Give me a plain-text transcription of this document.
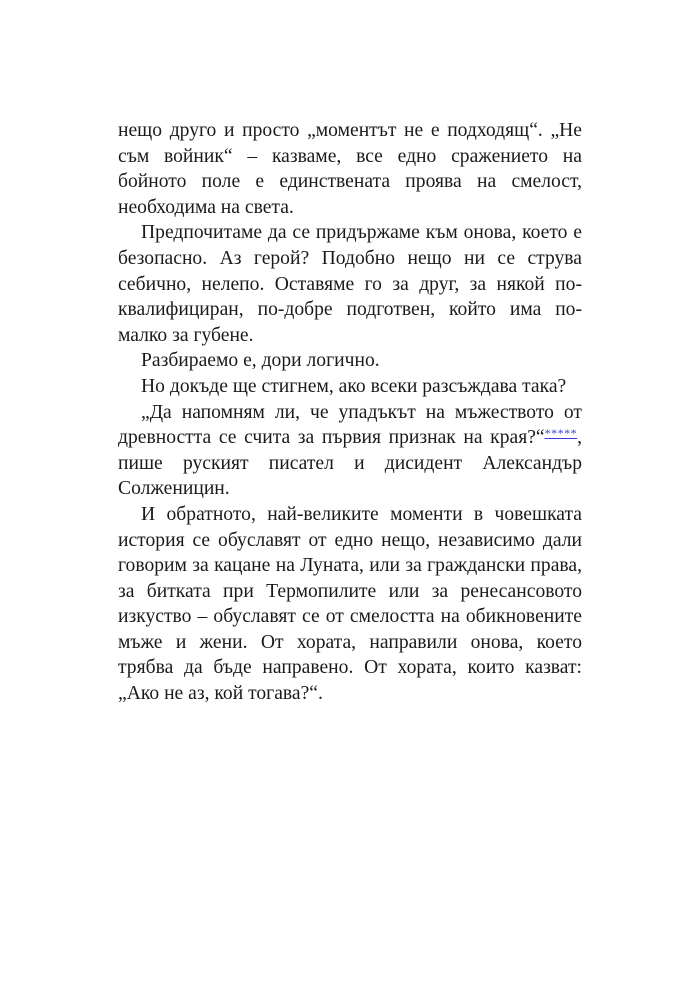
нещо друго и просто „моментът не е подходящ“. „Не съм войник“ – казваме, все едно сражението на бойното поле е единствената проява на смелост, необходима на света.

Предпочитаме да се придържаме към онова, което е безопасно. Аз герой? Подобно нещо ни се струва себично, нелепо. Оставяме го за друг, за някой по-квалифициран, по-добре подготвен, който има по-малко за губене.

Разбираемо е, дори логично.

Но докъде ще стигнем, ако всеки разсъждава така?

„Да напомням ли, че упадъкът на мъжеството от древността се счита за първия признак на края?“*****, пише руският писател и дисидент Александър Солженицин.

И обратното, най-великите моменти в човешката история се обуславят от едно нещо, независимо дали говорим за кацане на Луната, или за граждански права, за битката при Термопилите или за ренесансовото изкуство – обуславят се от смелостта на обикновените мъже и жени. От хората, направили онова, което трябва да бъде направено. От хората, които казват: „Ако не аз, кой тогава?“.
